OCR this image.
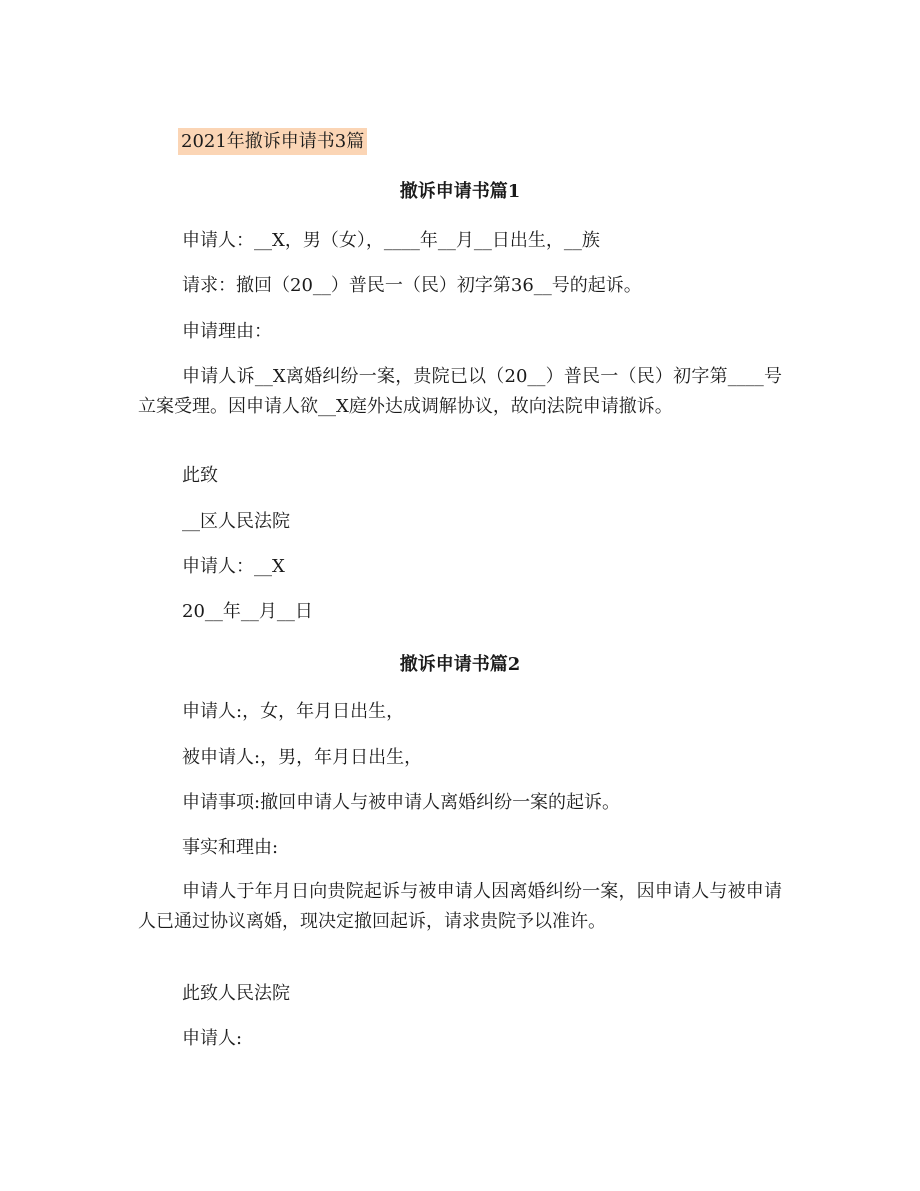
2021年撤诉申请书3篇
撤诉申请书篇1
申请人：__X，男（女），____年__月__日出生，__族
请求：撤回（20__）普民一（民）初字第36__号的起诉。
申请理由：
申请人诉__X离婚纠纷一案，贵院已以（20__）普民一（民）初字第____号立案受理。因申请人欲__X庭外达成调解协议，故向法院申请撤诉。
此致
__区人民法院
申请人：__X
20__年__月__日
撤诉申请书篇2
申请人:，女，年月日出生，
被申请人:，男，年月日出生，
申请事项:撤回申请人与被申请人离婚纠纷一案的起诉。
事实和理由:
申请人于年月日向贵院起诉与被申请人因离婚纠纷一案，因申请人与被申请人已通过协议离婚，现决定撤回起诉，请求贵院予以准许。
此致人民法院
申请人:
